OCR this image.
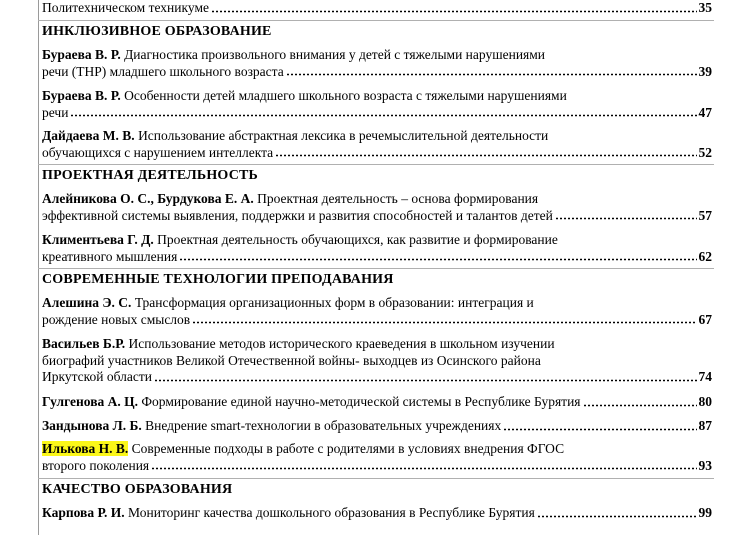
Политехническом техникуме	35
ИНКЛЮЗИВНОЕ ОБРАЗОВАНИЕ
Бураева В. Р. Диагностика произвольного внимания у детей с тяжелыми нарушениями
речи (ТНР) младшего школьного возраста	39
Бураева В. Р. Особенности детей младшего школьного возраста с тяжелыми нарушениями
речи	47
Дайдаева М. В. Использование абстрактная лексика в речемыслительной деятельности
обучающихся с нарушением интеллекта	52
ПРОЕКТНАЯ ДЕЯТЕЛЬНОСТЬ
Алейникова О. С., Бурдукова Е. А. Проектная деятельность – основа формирования
эффективной системы выявления, поддержки и развития способностей и талантов детей	57
Климентьева Г. Д. Проектная деятельность обучающихся, как развитие и формирование
креативного мышления	62
СОВРЕМЕННЫЕ ТЕХНОЛОГИИ ПРЕПОДАВАНИЯ
Алешина Э. С. Трансформация организационных форм в образовании: интеграция и
рождение новых смыслов	67
Васильев Б.Р. Использование методов исторического краеведения в школьном изучении
биографий участников Великой Отечественной войны- выходцев из Осинского района
Иркутской области	74
Гулгенова А. Ц. Формирование единой научно-методической системы в Республике Бурятия	80
Зандынова Л. Б. Внедрение smart-технологии в образовательных учреждениях	87
Илькова Н. В. Современные подходы в работе с родителями в условиях внедрения ФГОС
второго поколения	93
КАЧЕСТВО ОБРАЗОВАНИЯ
Карпова Р. И. Мониторинг качества дошкольного образования в Республике Бурятия	99
